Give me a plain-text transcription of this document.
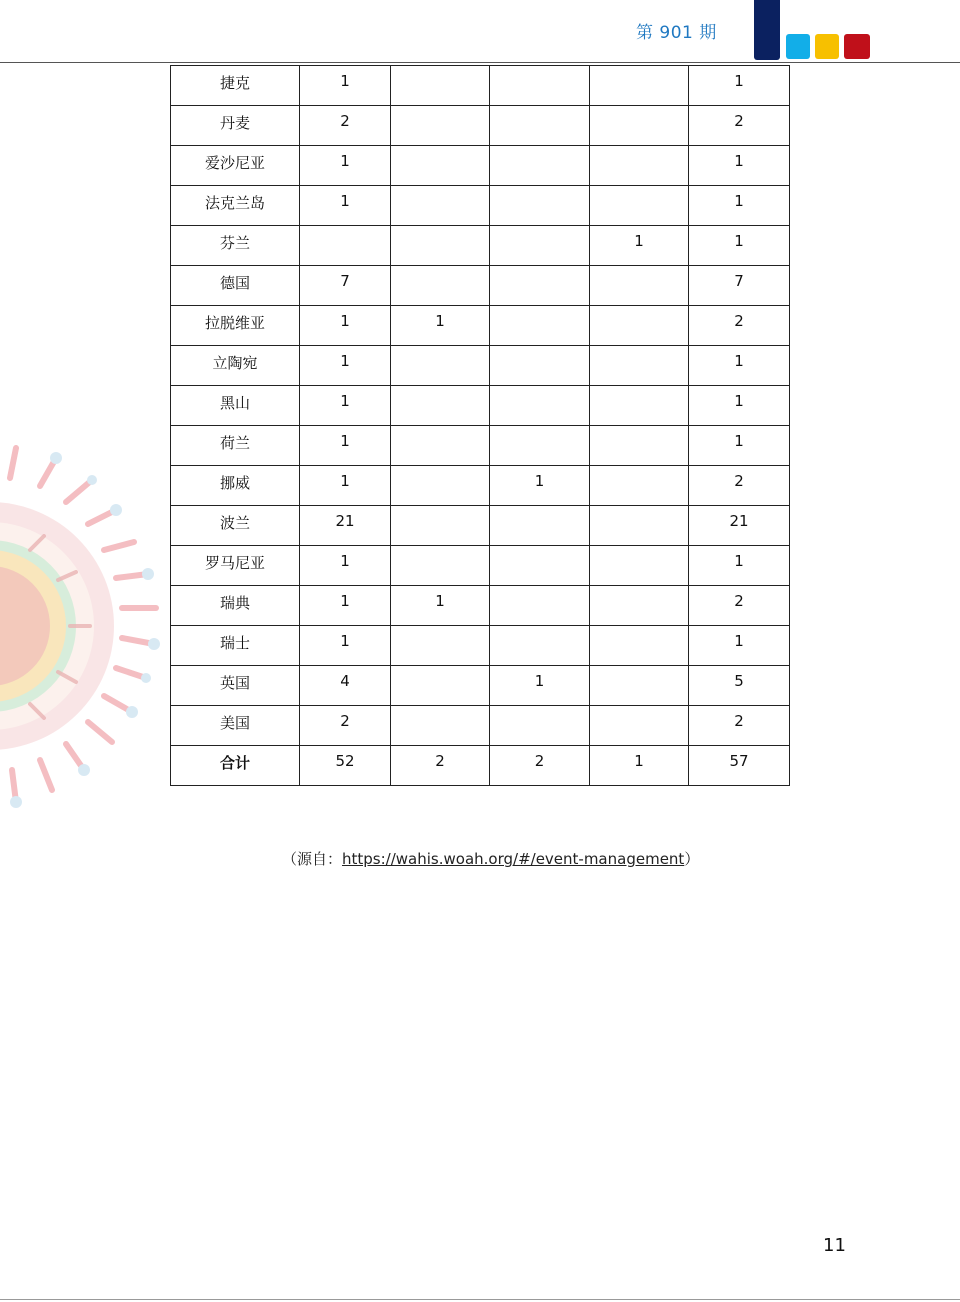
第 901 期
捷克	1				1
丹麦	2				2
爱沙尼亚	1				1
法克兰岛	1				1
芬兰				1	1
德国	7				7
拉脱维亚	1	1			2
立陶宛	1				1
黑山	1				1
荷兰	1				1
挪威	1		1		2
波兰	21				21
罗马尼亚	1				1
瑞典	1	1			2
瑞士	1				1
英国	4		1		5
美国	2				2
合计	52	2	2	1	57
（源自：https://wahis.woah.org/#/event-management）
11
